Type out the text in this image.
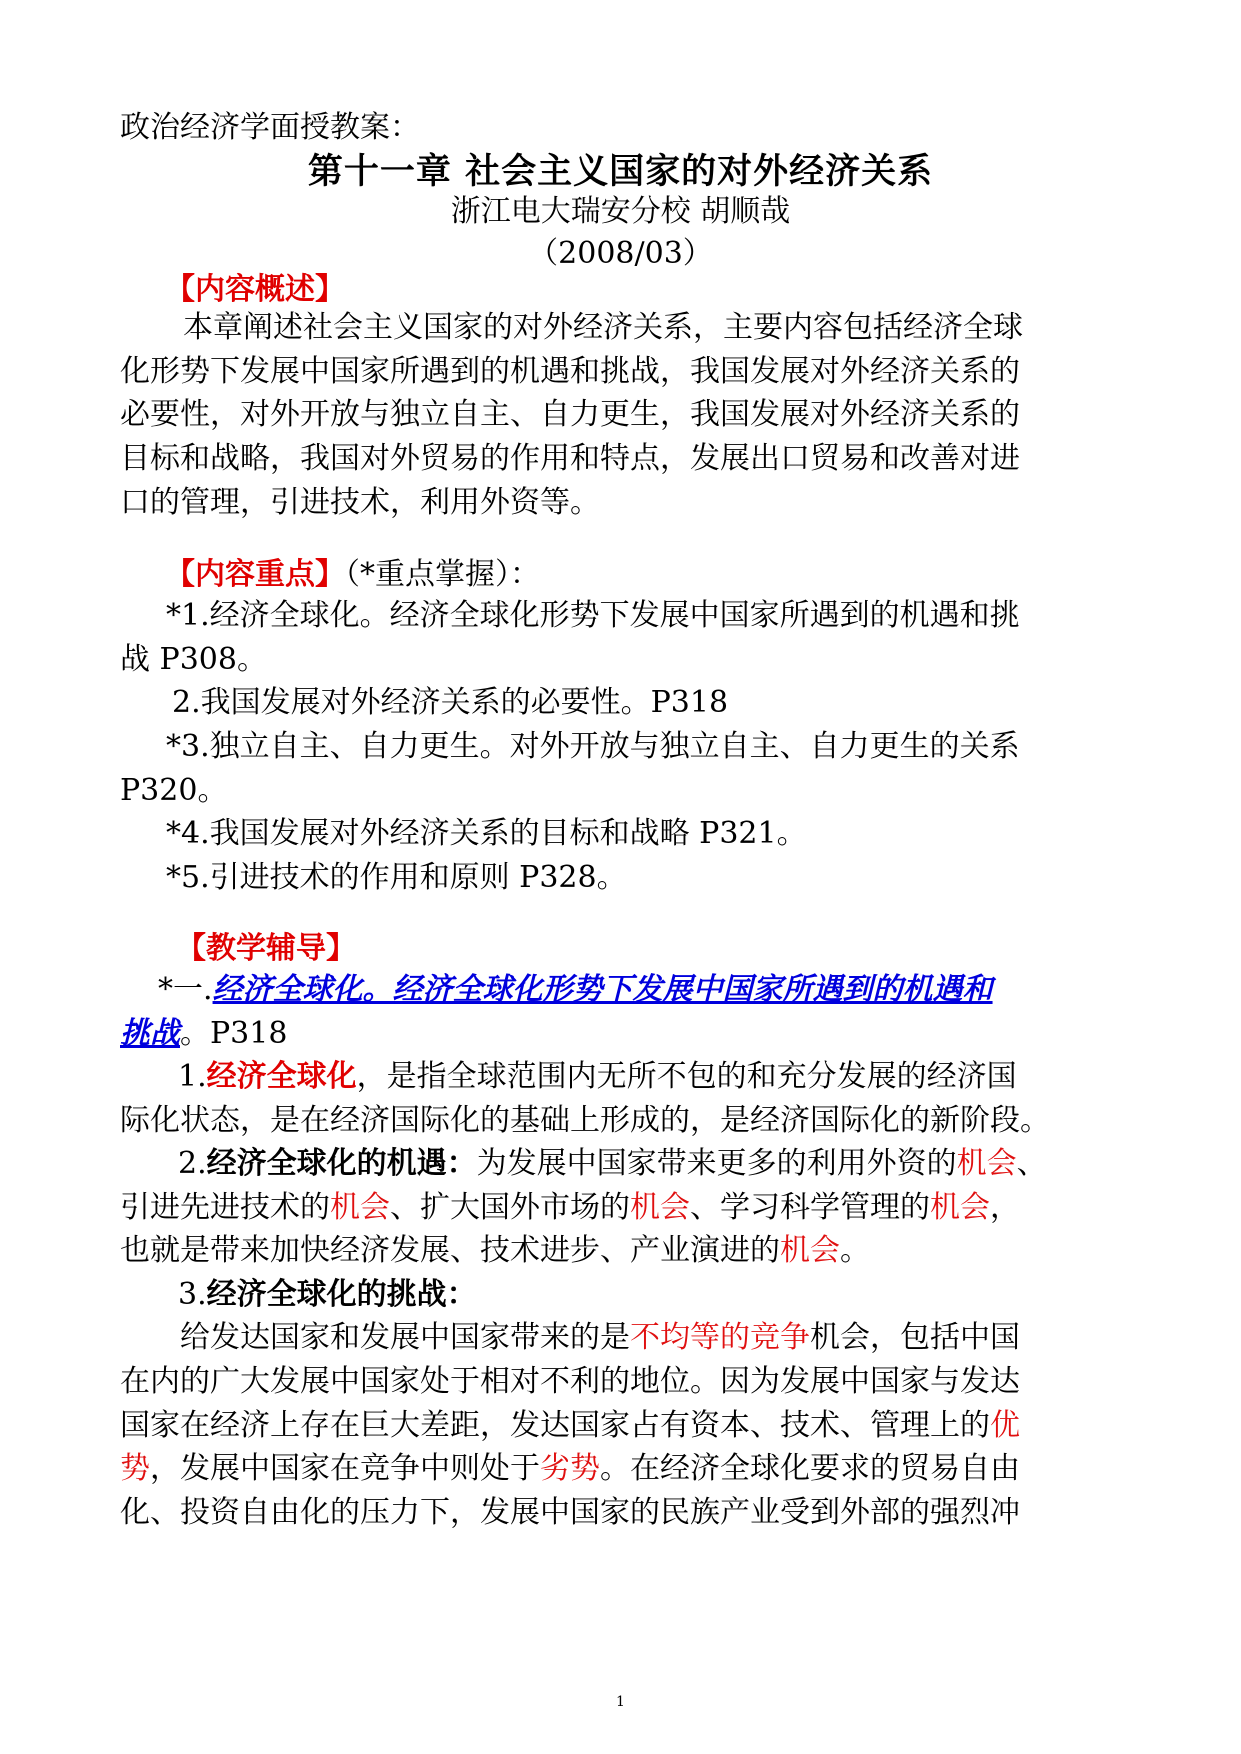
政治经济学面授教案：
第十一章 社会主义国家的对外经济关系
浙江电大瑞安分校 胡顺哉
（2008/03）
【内容概述】
本章阐述社会主义国家的对外经济关系，主要内容包括经济全球
化形势下发展中国家所遇到的机遇和挑战，我国发展对外经济关系的
必要性，对外开放与独立自主、自力更生，我国发展对外经济关系的
目标和战略，我国对外贸易的作用和特点，发展出口贸易和改善对进
口的管理，引进技术，利用外资等。
【内容重点】（*重点掌握）：
*1.经济全球化。经济全球化形势下发展中国家所遇到的机遇和挑
战 P308。
2.我国发展对外经济关系的必要性。P318
*3.独立自主、自力更生。对外开放与独立自主、自力更生的关系
P320。
*4.我国发展对外经济关系的目标和战略 P321。
*5.引进技术的作用和原则 P328。
【教学辅导】
*一.经济全球化。经济全球化形势下发展中国家所遇到的机遇和
挑战。P318
1.经济全球化，是指全球范围内无所不包的和充分发展的经济国
际化状态，是在经济国际化的基础上形成的，是经济国际化的新阶段。
2.经济全球化的机遇：为发展中国家带来更多的利用外资的机会、
引进先进技术的机会、扩大国外市场的机会、学习科学管理的机会，
也就是带来加快经济发展、技术进步、产业演进的机会。
3.经济全球化的挑战：
给发达国家和发展中国家带来的是不均等的竞争机会，包括中国
在内的广大发展中国家处于相对不利的地位。因为发展中国家与发达
国家在经济上存在巨大差距，发达国家占有资本、技术、管理上的优
势，发展中国家在竞争中则处于劣势。在经济全球化要求的贸易自由
化、投资自由化的压力下，发展中国家的民族产业受到外部的强烈冲
1
